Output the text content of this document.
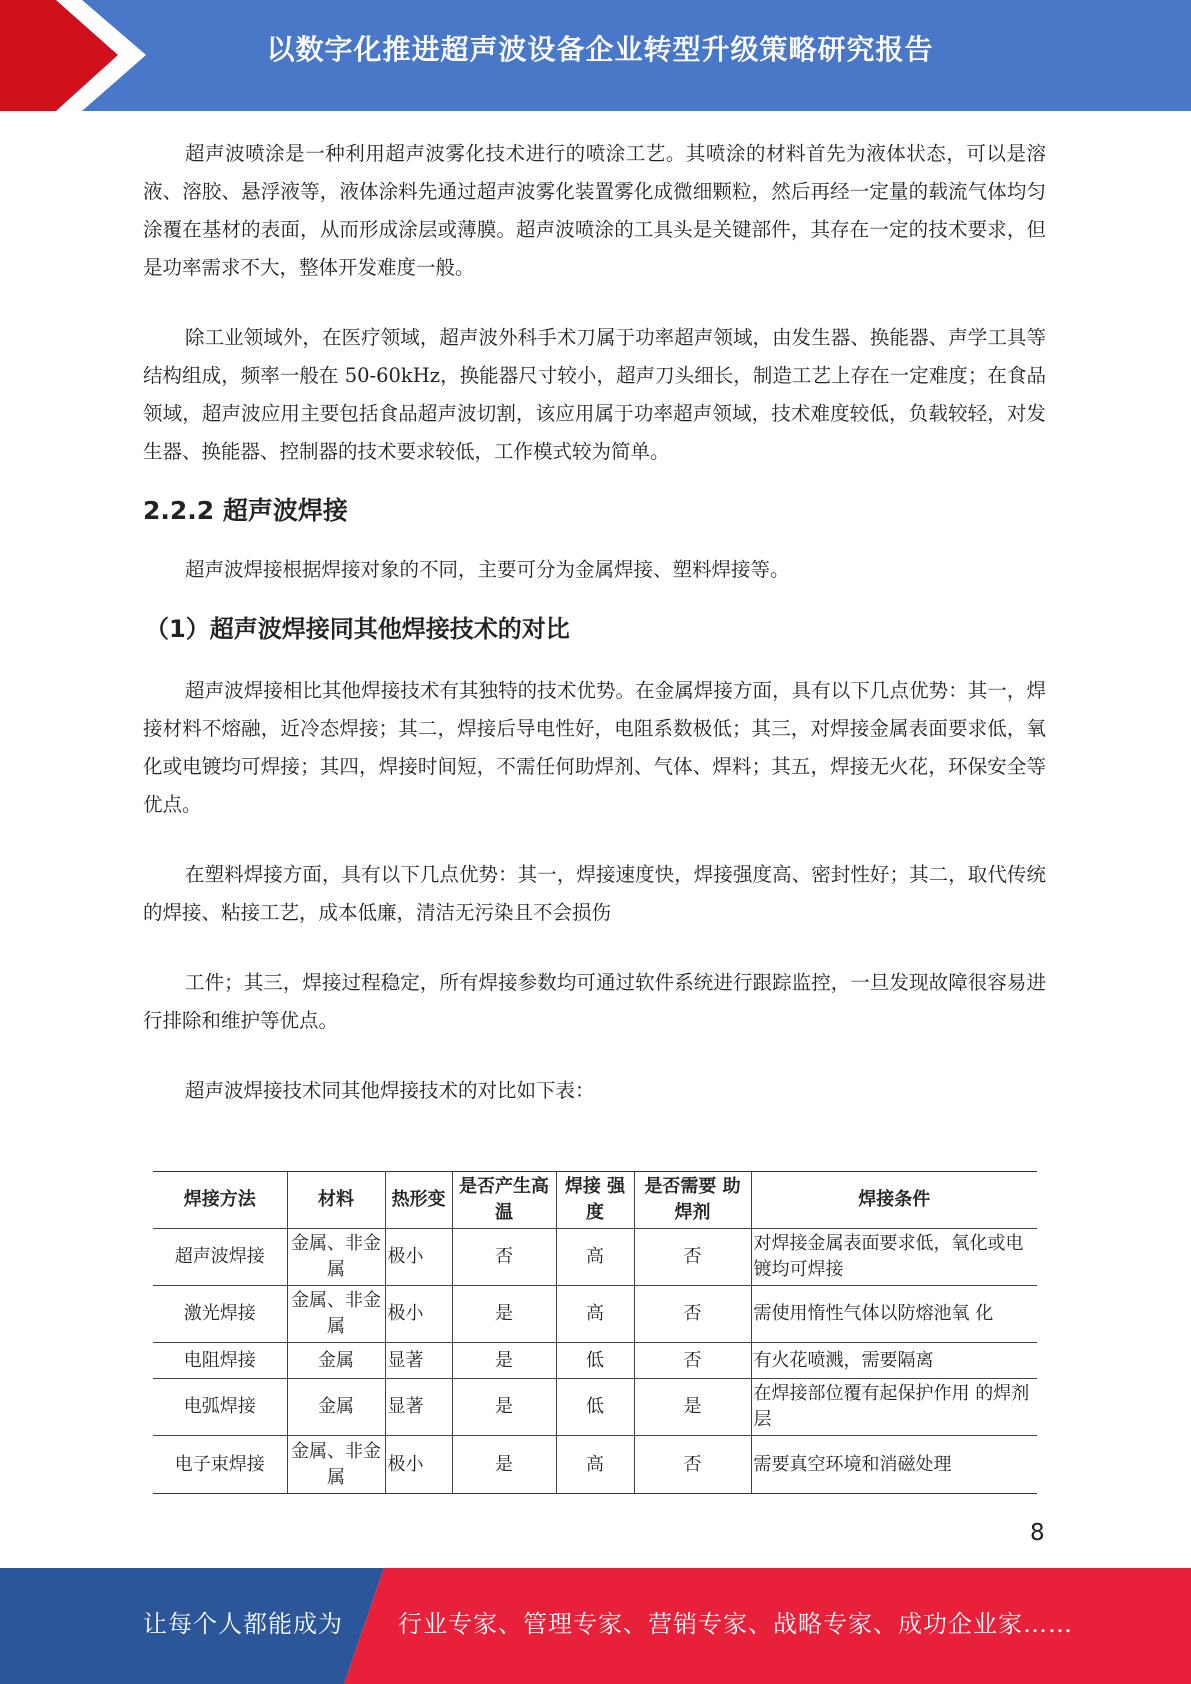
以数字化推进超声波设备企业转型升级策略研究报告

超声波喷涂是一种利用超声波雾化技术进行的喷涂工艺。其喷涂的材料首先为液体状态，可以是溶液、溶胶、悬浮液等，液体涂料先通过超声波雾化装置雾化成微细颗粒，然后再经一定量的载流气体均匀涂覆在基材的表面，从而形成涂层或薄膜。超声波喷涂的工具头是关键部件，其存在一定的技术要求，但是功率需求不大，整体开发难度一般。

除工业领域外，在医疗领域，超声波外科手术刀属于功率超声领域，由发生器、换能器、声学工具等结构组成，频率一般在 50-60kHz，换能器尺寸较小，超声刀头细长，制造工艺上存在一定难度；在食品领域，超声波应用主要包括食品超声波切割，该应用属于功率超声领域，技术难度较低，负载较轻，对发生器、换能器、控制器的技术要求较低，工作模式较为简单。

2.2.2 超声波焊接

超声波焊接根据焊接对象的不同，主要可分为金属焊接、塑料焊接等。

（1）超声波焊接同其他焊接技术的对比

超声波焊接相比其他焊接技术有其独特的技术优势。在金属焊接方面，具有以下几点优势：其一，焊接材料不熔融，近冷态焊接；其二，焊接后导电性好，电阻系数极低；其三，对焊接金属表面要求低，氧化或电镀均可焊接；其四，焊接时间短，不需任何助焊剂、气体、焊料；其五，焊接无火花，环保安全等优点。

在塑料焊接方面，具有以下几点优势：其一，焊接速度快，焊接强度高、密封性好；其二，取代传统的焊接、粘接工艺，成本低廉，清洁无污染且不会损伤

工件；其三，焊接过程稳定，所有焊接参数均可通过软件系统进行跟踪监控，一旦发现故障很容易进行排除和维护等优点。

超声波焊接技术同其他焊接技术的对比如下表：

焊接方法	材料	热形变	是否产生高温	焊接 强度	是否需要 助焊剂	焊接条件
超声波焊接	金属、非金属	极小	否	高	否	对焊接金属表面要求低，氧化或电镀均可焊接
激光焊接	金属、非金属	极小	是	高	否	需使用惰性气体以防熔池氧 化
电阻焊接	金属	显著	是	低	否	有火花喷溅，需要隔离
电弧焊接	金属	显著	是	低	是	在焊接部位覆有起保护作用 的焊剂层
电子束焊接	金属、非金属	极小	是	高	否	需要真空环境和消磁处理
8
让每个人都能成为 行业专家、管理专家、营销专家、战略专家、成功企业家……
